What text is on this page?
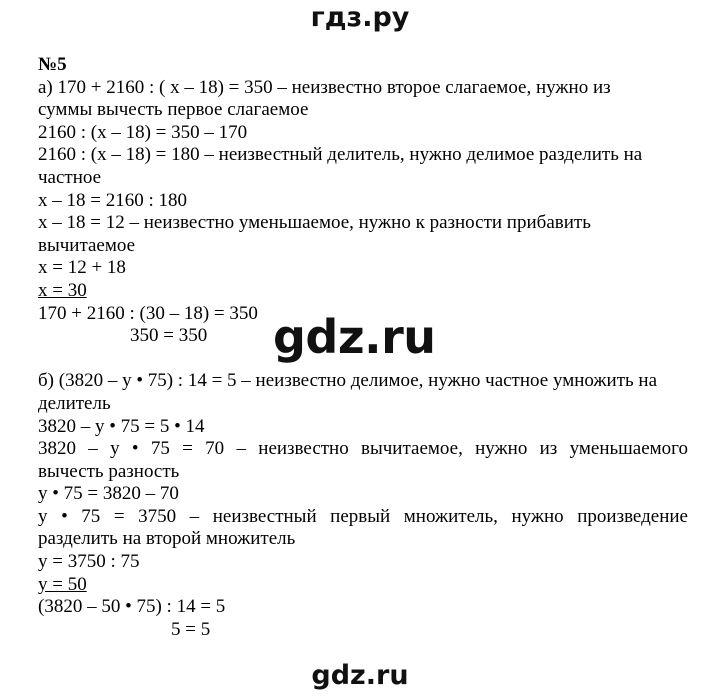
гдз.ру
№5
а) 170 + 2160 : ( x – 18) = 350 – неизвестно второе слагаемое, нужно из
суммы вычесть первое слагаемое
2160 : (x – 18) = 350 – 170
2160 : (x – 18) = 180 – неизвестный делитель, нужно делимое разделить на
частное
x – 18 = 2160 : 180
x – 18 = 12 – неизвестно уменьшаемое, нужно к разности прибавить
вычитаемое
x = 12 + 18
x = 30
170 + 2160 : (30 – 18) = 350
350 = 350
б) (3820 – y • 75) : 14 = 5 – неизвестно делимое, нужно частное умножить на
делитель
3820 – y • 75 = 5 • 14
3820 – y • 75 = 70 – неизвестно вычитаемое, нужно из уменьшаемого
вычесть разность
y • 75 = 3820 – 70
y • 75 = 3750 – неизвестный первый множитель, нужно произведение
разделить на второй множитель
y = 3750 : 75
y = 50
(3820 – 50 • 75) : 14 = 5
5 = 5
gdz.ru
gdz.ru
